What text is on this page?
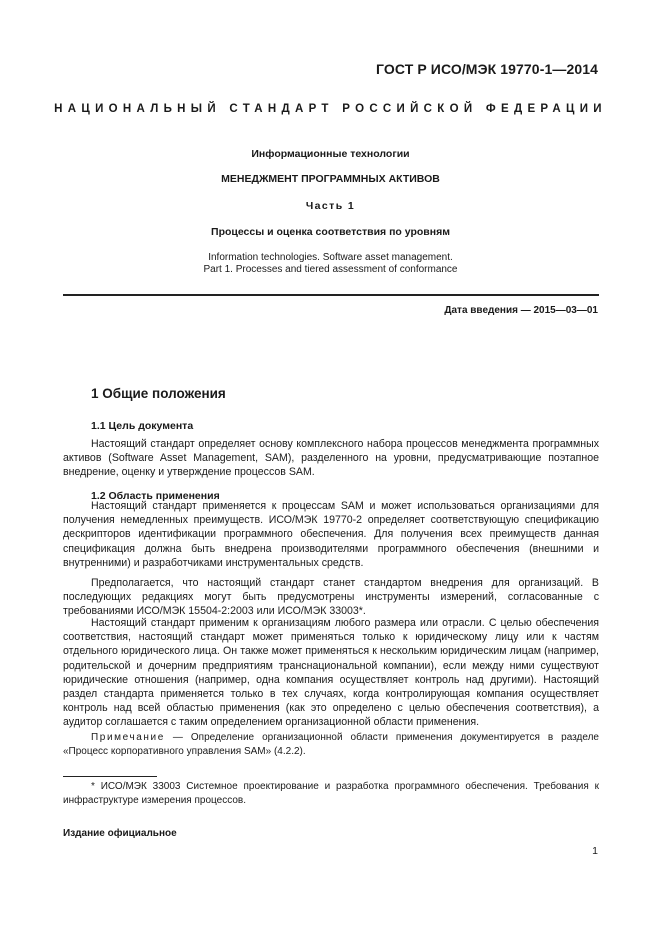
ГОСТ Р ИСО/МЭК 19770-1—2014
НАЦИОНАЛЬНЫЙ СТАНДАРТ РОССИЙСКОЙ ФЕДЕРАЦИИ
Информационные технологии
МЕНЕДЖМЕНТ ПРОГРАММНЫХ АКТИВОВ
Часть 1
Процессы и оценка соответствия по уровням
Information technologies. Software asset management.
Part 1. Processes and tiered assessment of conformance
Дата введения — 2015—03—01
1 Общие положения
1.1 Цель документа

Настоящий стандарт определяет основу комплексного набора процессов менеджмента программных активов (Software Asset Management, SAM), разделенного на уровни, предусматривающие поэтапное внедрение, оценку и утверждение процессов SAM.

1.2 Область применения

Настоящий стандарт применяется к процессам SAM и может использоваться организациями для получения немедленных преимуществ. ИСО/МЭК 19770-2 определяет соответствующую спецификацию дескрипторов идентификации программного обеспечения. Для получения всех преимуществ данная спецификация должна быть внедрена производителями программного обеспечения (внешними и внутренними) и разработчиками инструментальных средств.

Предполагается, что настоящий стандарт станет стандартом внедрения для организаций. В последующих редакциях могут быть предусмотрены инструменты измерений, согласованные с требованиями ИСО/МЭК 15504-2:2003 или ИСО/МЭК 33003*.

Настоящий стандарт применим к организациям любого размера или отрасли. С целью обеспечения соответствия, настоящий стандарт может применяться только к юридическому лицу или к частям отдельного юридического лица. Он также может применяться к нескольким юридическим лицам (например, родительской и дочерним предприятиям транснациональной компании), если между ними существуют юридические отношения (например, одна компания осуществляет контроль над другими). Настоящий раздел стандарта применяется только в тех случаях, когда контролирующая компания осуществляет контроль над всей областью применения (как это определено с целью обеспечения соответствия), а аудитор соглашается с таким определением организационной области применения.

Примечание — Определение организационной области применения документируется в разделе «Процесс корпоративного управления SAM» (4.2.2).

* ИСО/МЭК 33003 Системное проектирование и разработка программного обеспечения. Требования к инфраструктуре измерения процессов.

Издание официальное
1
